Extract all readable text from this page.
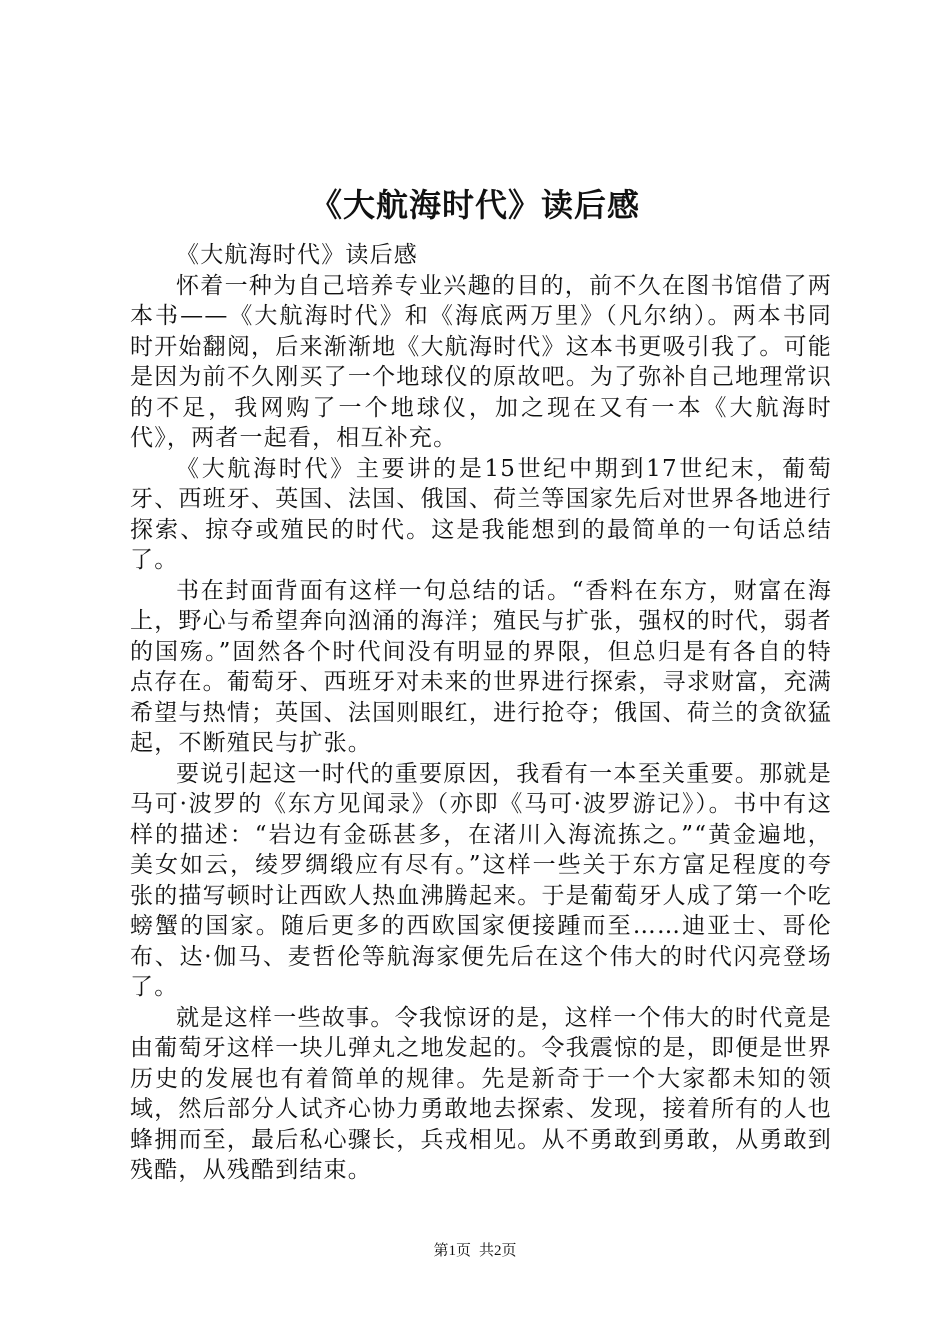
《大航海时代》读后感

《大航海时代》读后感

怀着一种为自己培养专业兴趣的目的，前不久在图书馆借了两本书——《大航海时代》和《海底两万里》（凡尔纳）。两本书同时开始翻阅，后来渐渐地《大航海时代》这本书更吸引我了。可能是因为前不久刚买了一个地球仪的原故吧。为了弥补自己地理常识的不足，我网购了一个地球仪，加之现在又有一本《大航海时代》，两者一起看，相互补充。

《大航海时代》主要讲的是15世纪中期到17世纪末，葡萄牙、西班牙、英国、法国、俄国、荷兰等国家先后对世界各地进行探索、掠夺或殖民的时代。这是我能想到的最简单的一句话总结了。

书在封面背面有这样一句总结的话。“香料在东方，财富在海上，野心与希望奔向汹涌的海洋；殖民与扩张，强权的时代，弱者的国殇。”固然各个时代间没有明显的界限，但总归是有各自的特点存在。葡萄牙、西班牙对未来的世界进行探索，寻求财富，充满希望与热情；英国、法国则眼红，进行抢夺；俄国、荷兰的贪欲猛起，不断殖民与扩张。

要说引起这一时代的重要原因，我看有一本至关重要。那就是马可·波罗的《东方见闻录》（亦即《马可·波罗游记》）。书中有这样的描述：“岩边有金砾甚多，在渚川入海流拣之。”“黄金遍地，美女如云，绫罗绸缎应有尽有。”这样一些关于东方富足程度的夸张的描写顿时让西欧人热血沸腾起来。于是葡萄牙人成了第一个吃螃蟹的国家。随后更多的西欧国家便接踵而至……迪亚士、哥伦布、达·伽马、麦哲伦等航海家便先后在这个伟大的时代闪亮登场了。

就是这样一些故事。令我惊讶的是，这样一个伟大的时代竟是由葡萄牙这样一块儿弹丸之地发起的。令我震惊的是，即便是世界历史的发展也有着简单的规律。先是新奇于一个大家都未知的领域，然后部分人试齐心协力勇敢地去探索、发现，接着所有的人也蜂拥而至，最后私心骤长，兵戎相见。从不勇敢到勇敢，从勇敢到残酷，从残酷到结束。

第1页 共2页
